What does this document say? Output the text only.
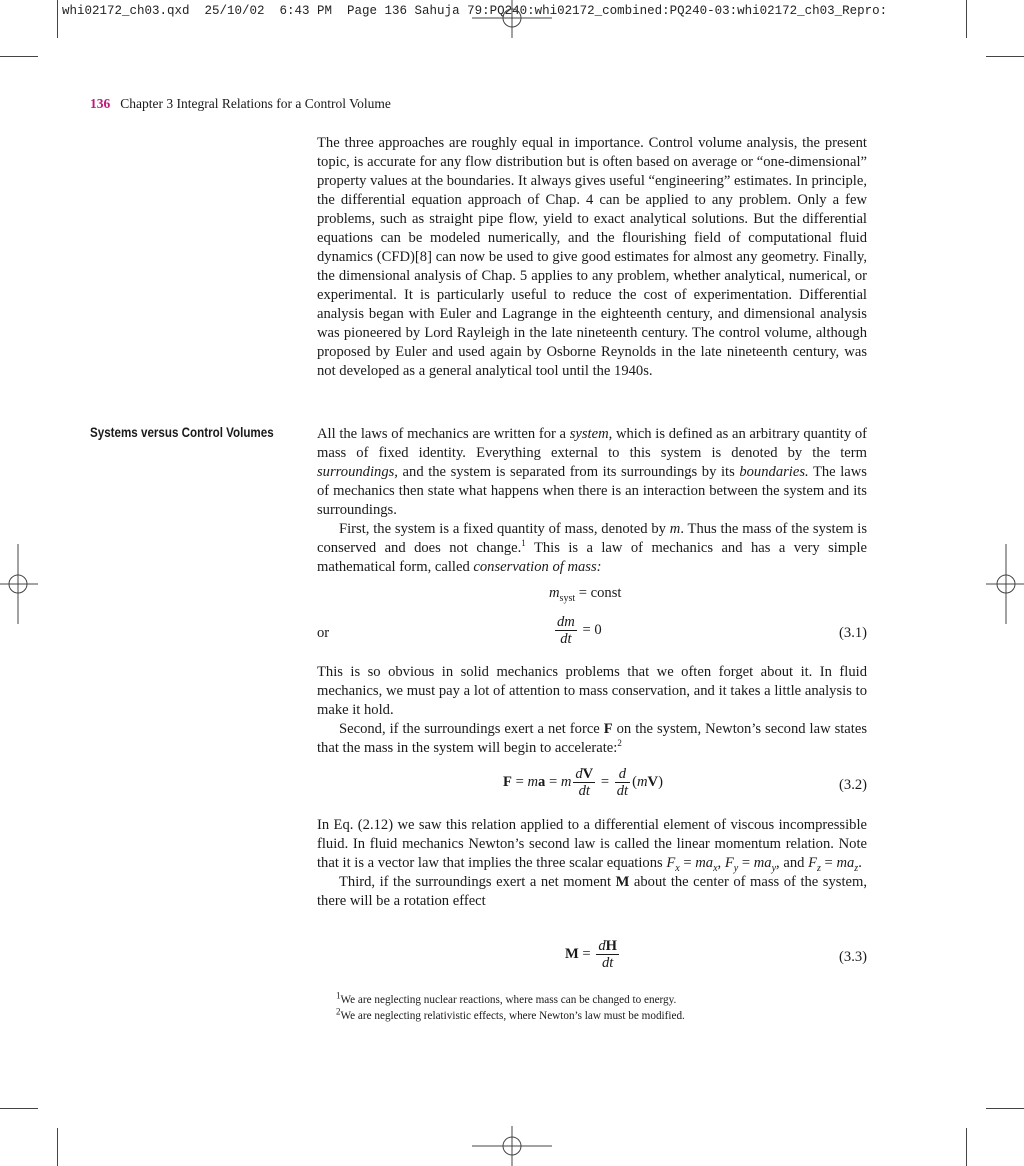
whi02172_ch03.qxd  25/10/02  6:43 PM  Page 136 Sahuja 79:PQ240:whi02172_combined:PQ240-03:whi02172_ch03_Repro:
136 Chapter 3 Integral Relations for a Control Volume

The three approaches are roughly equal in importance. Control volume analysis, the present topic, is accurate for any flow distribution but is often based on average or “one-dimensional” property values at the boundaries. It always gives useful “engineering” estimates. In principle, the differential equation approach of Chap. 4 can be applied to any problem. Only a few problems, such as straight pipe flow, yield to exact analytical solutions. But the differential equations can be modeled numerically, and the flourishing field of computational fluid dynamics (CFD)[8] can now be used to give good estimates for almost any geometry. Finally, the dimensional analysis of Chap. 5 applies to any problem, whether analytical, numerical, or experimental. It is particularly useful to reduce the cost of experimentation. Differential analysis began with Euler and Lagrange in the eighteenth century, and dimensional analysis was pioneered by Lord Rayleigh in the late nineteenth century. The control volume, although proposed by Euler and used again by Osborne Reynolds in the late nineteenth century, was not developed as a general analytical tool until the 1940s.

Systems versus Control Volumes	All the laws of mechanics are written for a system, which is defined as an arbitrary quantity of mass of fixed identity. Everything external to this system is denoted by the term surroundings, and the system is separated from its surroundings by its boundaries. The laws of mechanics then state what happens when there is an interaction between the system and its surroundings.

First, the system is a fixed quantity of mass, denoted by m. Thus the mass of the system is conserved and does not change.$^1$ This is a law of mechanics and has a very simple mathematical form, called conservation of mass:

$m_{syst}$ = const
or	$\frac{dm}{dt} = 0$	(3.1)

This is so obvious in solid mechanics problems that we often forget about it. In fluid mechanics, we must pay a lot of attention to mass conservation, and it takes a little analysis to make it hold.

Second, if the surroundings exert a net force F on the system, Newton’s second law states that the mass in the system will begin to accelerate:$^2$

F = ma = m $\frac{dV}{dt} = \frac{d}{dt} (mV)$	(3.2)

In Eq. (2.12) we saw this relation applied to a differential element of viscous incompressible fluid. In fluid mechanics Newton’s second law is called the linear momentum relation. Note that it is a vector law that implies the three scalar equations $F_x = ma_x$, $F_y = ma_y$, and $F_z = ma_z$.

Third, if the surroundings exert a net moment M about the center of mass of the system, there will be a rotation effect

$M = \frac{dH}{dt}$	(3.3)
$^1$We are neglecting nuclear reactions, where mass can be changed to energy.
$^2$We are neglecting relativistic effects, where Newton’s law must be modified.
